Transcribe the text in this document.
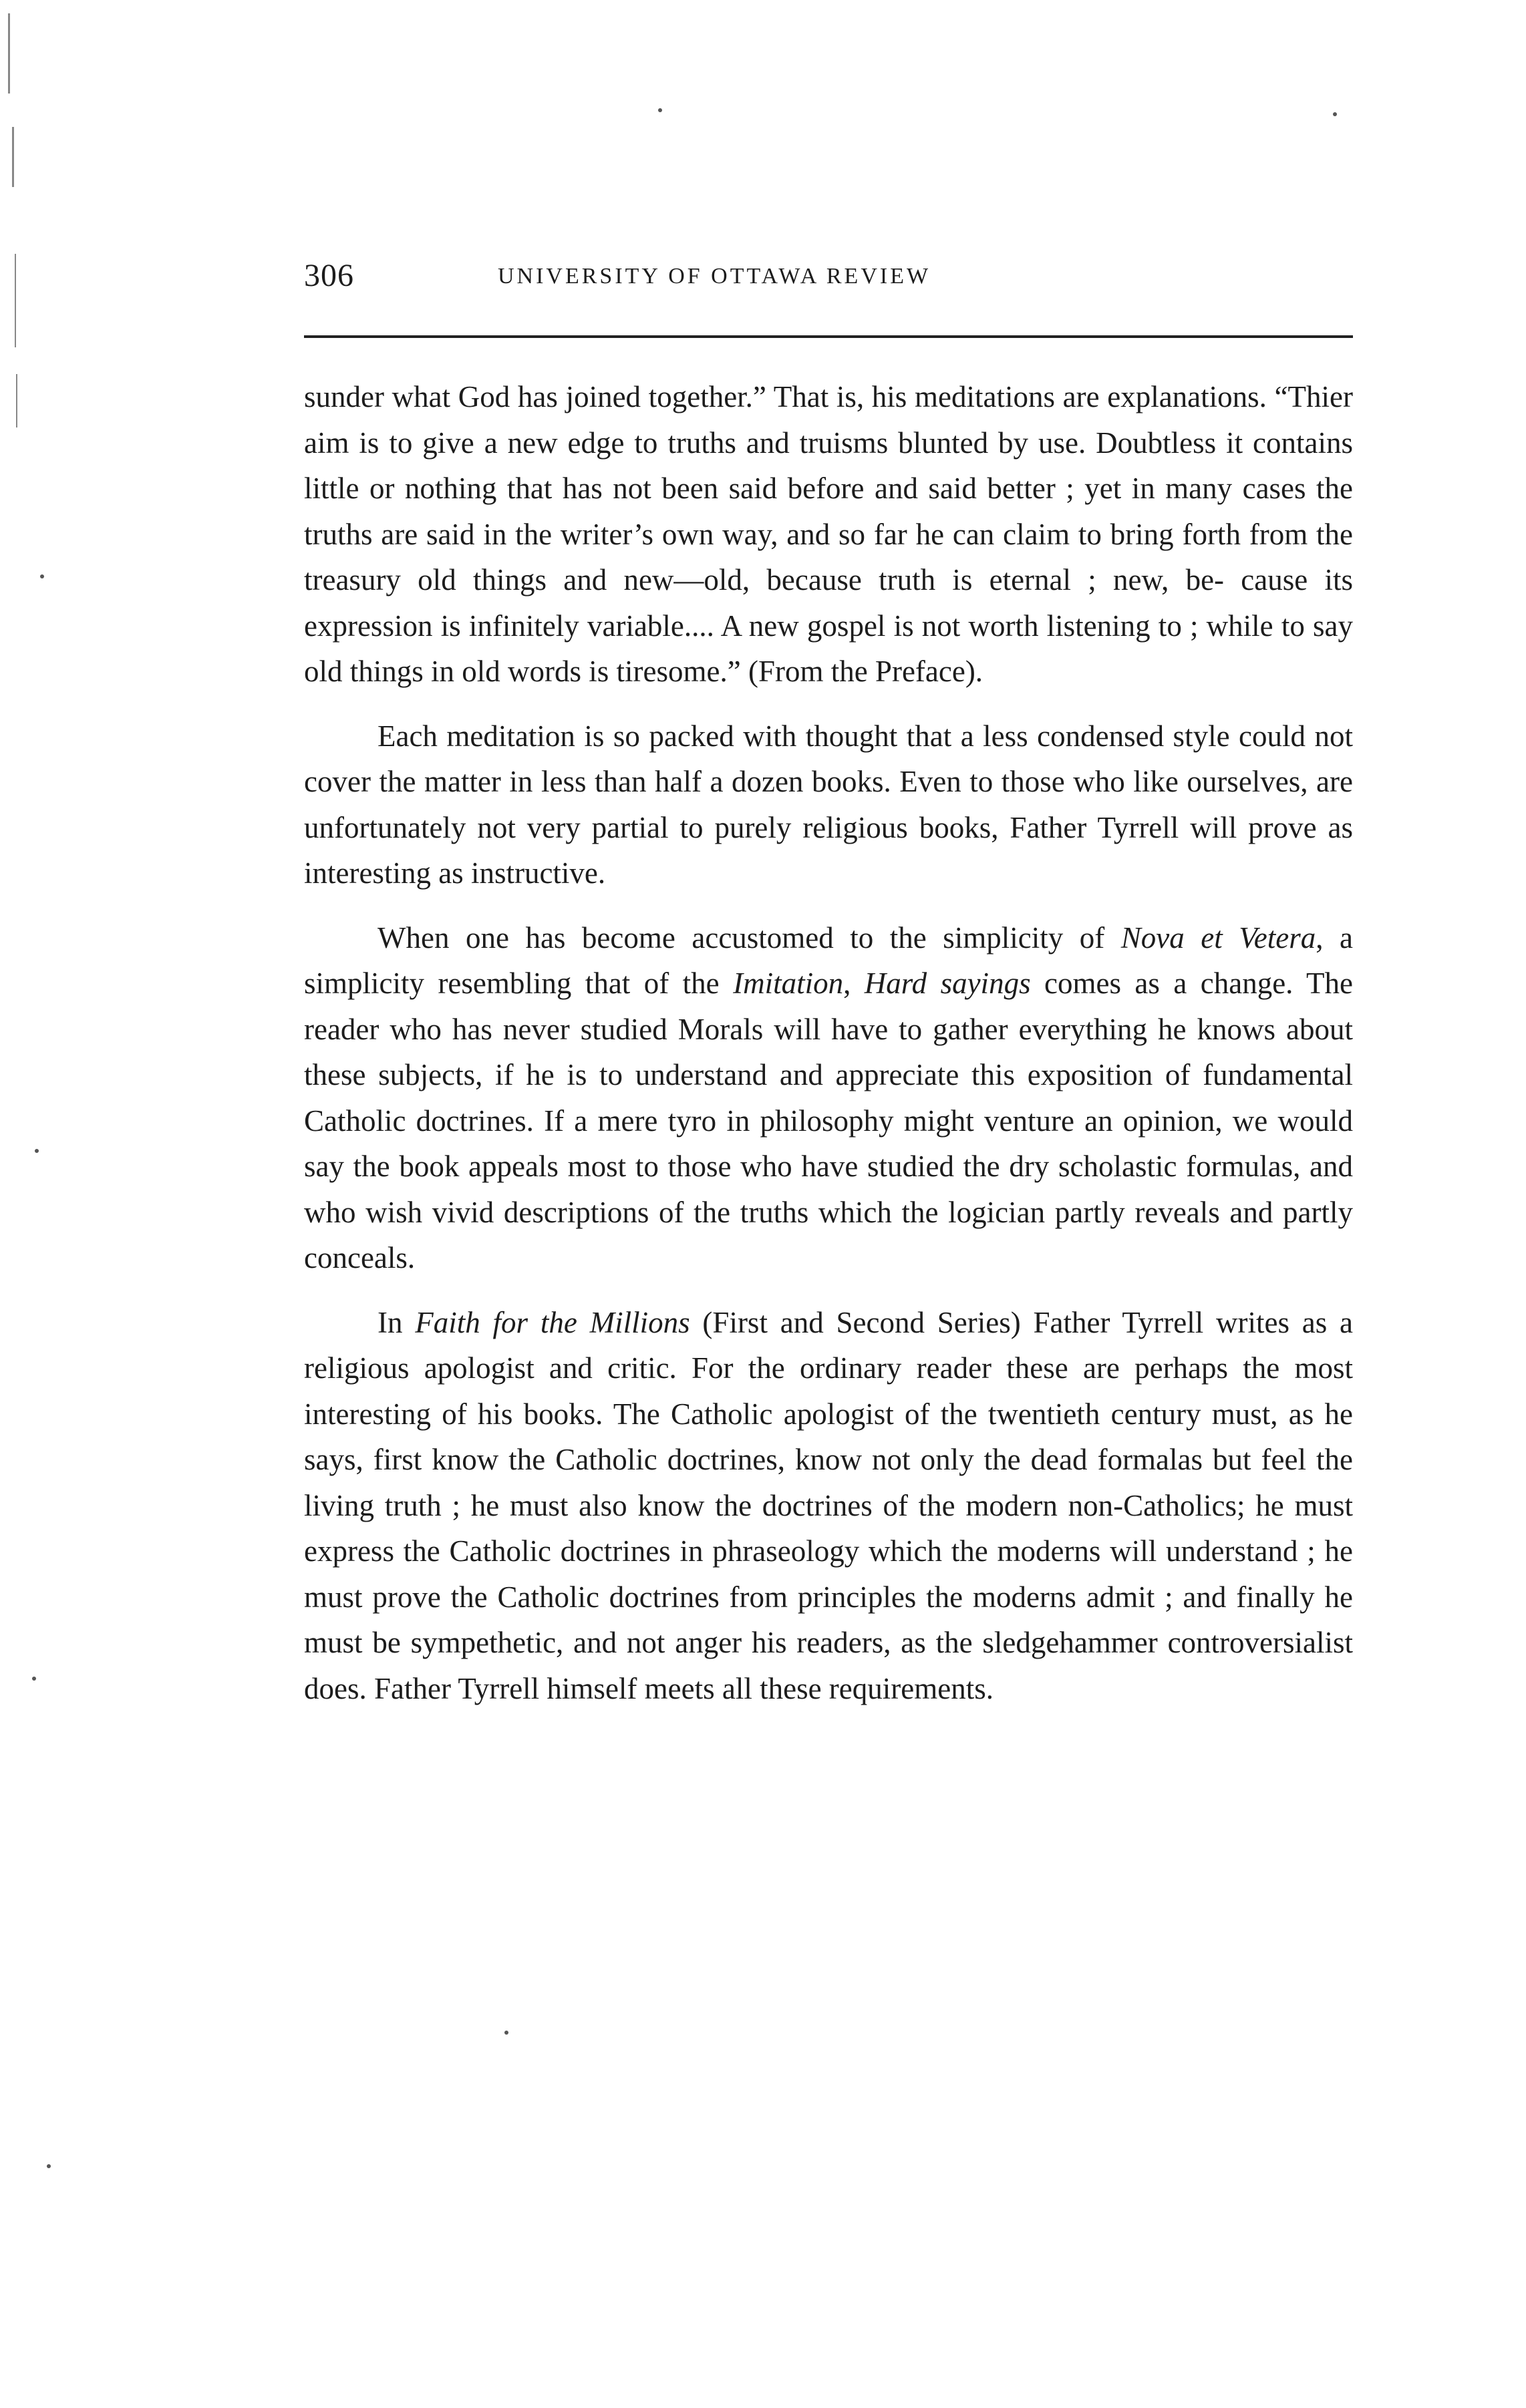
306	UNIVERSITY OF OTTAWA REVIEW

sunder what God has joined together.” That is, his meditations are explanations. “Thier aim is to give a new edge to truths and truisms blunted by use. Doubtless it contains little or nothing that has not been said before and said better ; yet in many cases the truths are said in the writer’s own way, and so far he can claim to bring forth from the treasury old things and new—old, because truth is eternal ; new, be- cause its expression is infinitely variable.... A new gospel is not worth listening to ; while to say old things in old words is tiresome.” (From the Preface).

Each meditation is so packed with thought that a less condensed style could not cover the matter in less than half a dozen books. Even to those who like ourselves, are unfortunately not very partial to purely religious books, Father Tyrrell will prove as interesting as instructive.

When one has become accustomed to the simplicity of Nova et Vetera, a simplicity resembling that of the Imitation, Hard sayings comes as a change. The reader who has never studied Morals will have to gather everything he knows about these subjects, if he is to understand and appreciate this exposition of fundamental Catholic doctrines. If a mere tyro in philosophy might venture an opinion, we would say the book appeals most to those who have studied the dry scholastic formulas, and who wish vivid descriptions of the truths which the logician partly reveals and partly conceals.

In Faith for the Millions (First and Second Series) Father Tyrrell writes as a religious apologist and critic. For the ordinary reader these are perhaps the most interesting of his books. The Catholic apologist of the twentieth century must, as he says, first know the Catholic doctrines, know not only the dead formalas but feel the living truth ; he must also know the doctrines of the modern non-Catholics; he must express the Catholic doctrines in phraseology which the moderns will understand ; he must prove the Catholic doctrines from principles the moderns admit ; and finally he must be sympethetic, and not anger his readers, as the sledgehammer controversialist does. Father Tyrrell himself meets all these requirements.
